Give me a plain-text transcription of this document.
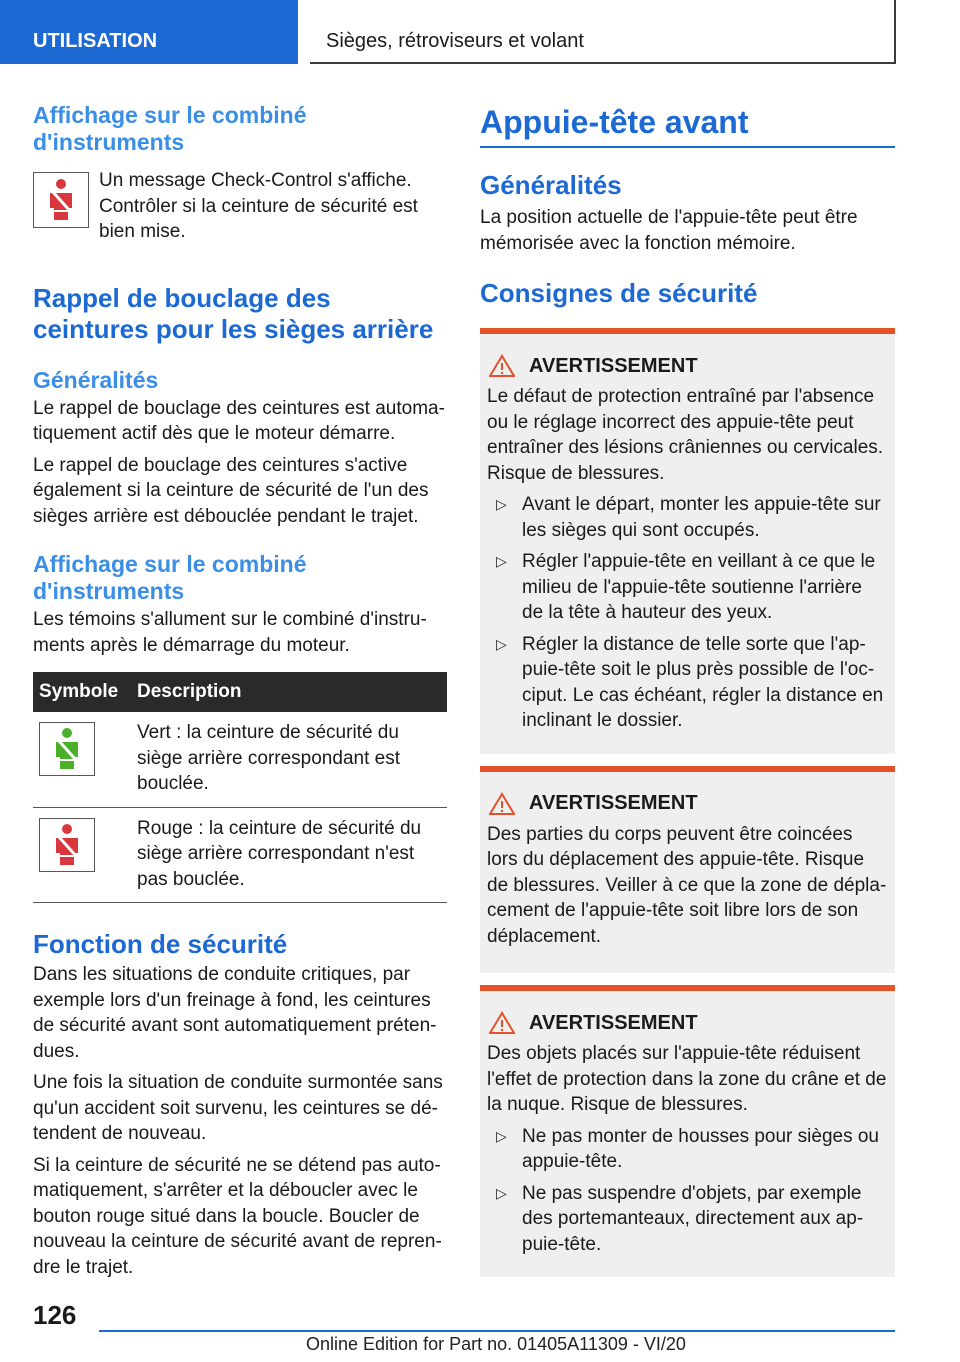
UTILISATION	Sièges, rétroviseurs et volant
Affichage sur le combiné d'instruments

Un message Check-Control s'affiche. Contrôler si la ceinture de sécurité est bien mise.

Rappel de bouclage des ceintures pour les sièges arrière
Généralités

Le rappel de bouclage des ceintures est automatiquement actif dès que le moteur démarre.

Le rappel de bouclage des ceintures s'active également si la ceinture de sécurité de l'un des sièges arrière est débouclée pendant le trajet.

Affichage sur le combiné d'instruments

Les témoins s'allument sur le combiné d'instruments après le démarrage du moteur.

Symbole	Description

	Vert : la ceinture de sécurité du siège arrière correspondant est bouclée.

	Rouge : la ceinture de sécurité du siège arrière correspondant n'est pas bouclée.
Fonction de sécurité

Dans les situations de conduite critiques, par exemple lors d'un freinage à fond, les ceintures de sécurité avant sont automatiquement prétendues.

Une fois la situation de conduite surmontée sans qu'un accident soit survenu, les ceintures se détendent de nouveau.

Si la ceinture de sécurité ne se détend pas automatiquement, s'arrêter et la déboucler avec le bouton rouge situé dans la boucle. Boucler de nouveau la ceinture de sécurité avant de reprendre le trajet.

Appuie-tête avant
Généralités

La position actuelle de l'appuie-tête peut être mémorisée avec la fonction mémoire.

Consignes de sécurité
AVERTISSEMENT

Le défaut de protection entraîné par l'absence ou le réglage incorrect des appuie-tête peut entraîner des lésions crâniennes ou cervicales. Risque de blessures.

▷ Avant le départ, monter les appuie-tête sur les sièges qui sont occupés.
▷ Régler l'appuie-tête en veillant à ce que le milieu de l'appuie-tête soutienne l'arrière de la tête à hauteur des yeux.
▷ Régler la distance de telle sorte que l'appuie-tête soit le plus près possible de l'occiput. Le cas échéant, régler la distance en inclinant le dossier.
AVERTISSEMENT

Des parties du corps peuvent être coincées lors du déplacement des appuie-tête. Risque de blessures. Veiller à ce que la zone de déplacement de l'appuie-tête soit libre lors de son déplacement.

AVERTISSEMENT

Des objets placés sur l'appuie-tête réduisent l'effet de protection dans la zone du crâne et de la nuque. Risque de blessures.

▷ Ne pas monter de housses pour sièges ou appuie-tête.
▷ Ne pas suspendre d'objets, par exemple des portemanteaux, directement aux appuie-tête.
126
Online Edition for Part no. 01405A11309 - VI/20
